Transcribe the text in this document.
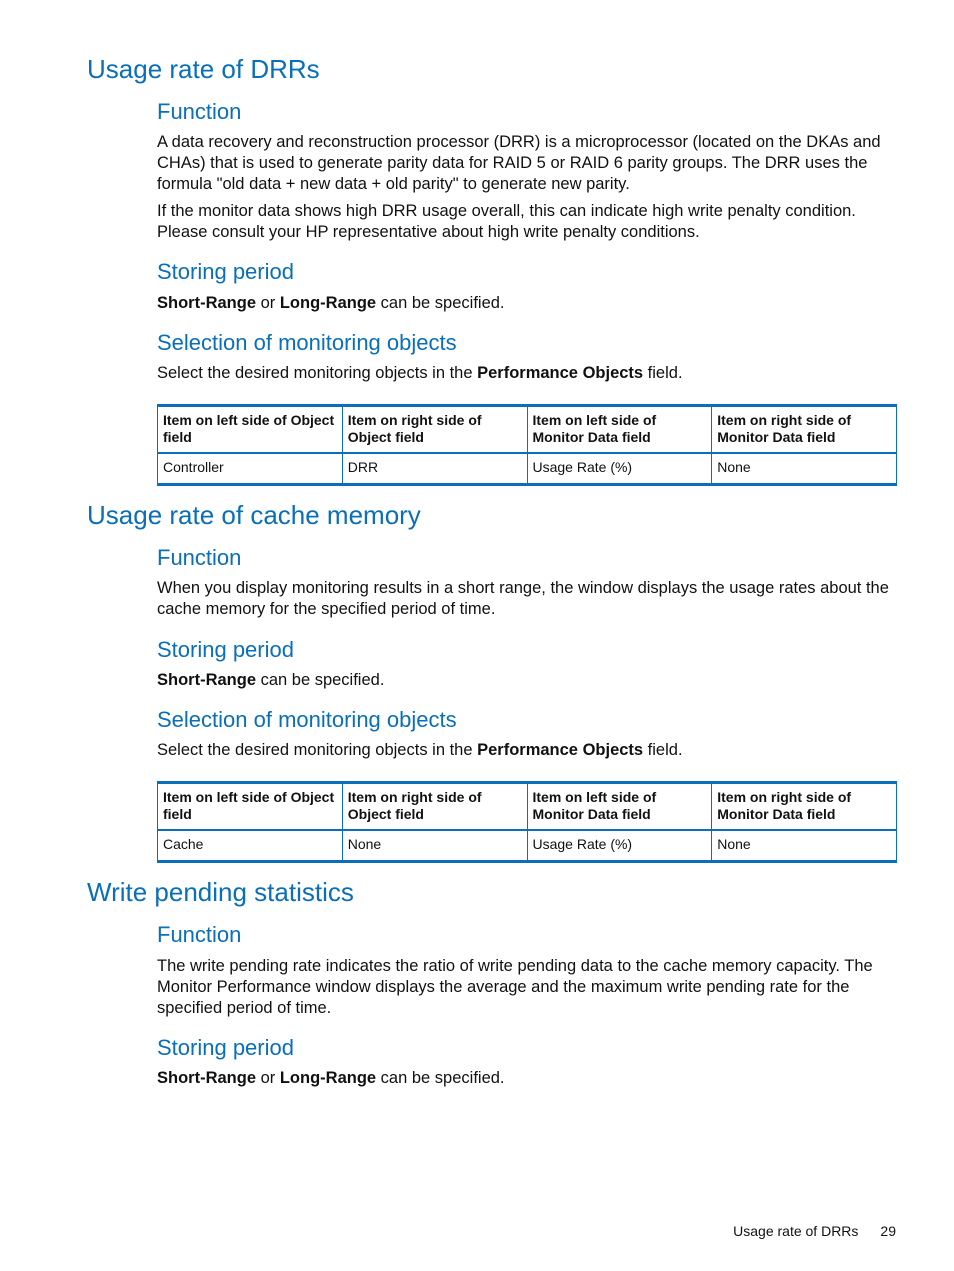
Usage rate of DRRs
Function

A data recovery and reconstruction processor (DRR) is a microprocessor (located on the DKAs and CHAs) that is used to generate parity data for RAID 5 or RAID 6 parity groups. The DRR uses the formula "old data + new data + old parity" to generate new parity.

If the monitor data shows high DRR usage overall, this can indicate high write penalty condition. Please consult your HP representative about high write penalty conditions.

Storing period

Short-Range or Long-Range can be specified.

Selection of monitoring objects

Select the desired monitoring objects in the Performance Objects field.

Item on left side of Object field	Item on right side of Object field	Item on left side of Monitor Data field	Item on right side of Monitor Data field
Controller	DRR	Usage Rate (%)	None
Usage rate of cache memory
Function

When you display monitoring results in a short range, the window displays the usage rates about the cache memory for the specified period of time.

Storing period

Short-Range can be specified.

Selection of monitoring objects

Select the desired monitoring objects in the Performance Objects field.

Item on left side of Object field	Item on right side of Object field	Item on left side of Monitor Data field	Item on right side of Monitor Data field
Cache	None	Usage Rate (%)	None
Write pending statistics
Function

The write pending rate indicates the ratio of write pending data to the cache memory capacity. The Monitor Performance window displays the average and the maximum write pending rate for the specified period of time.

Storing period

Short-Range or Long-Range can be specified.

Usage rate of DRRs 29
